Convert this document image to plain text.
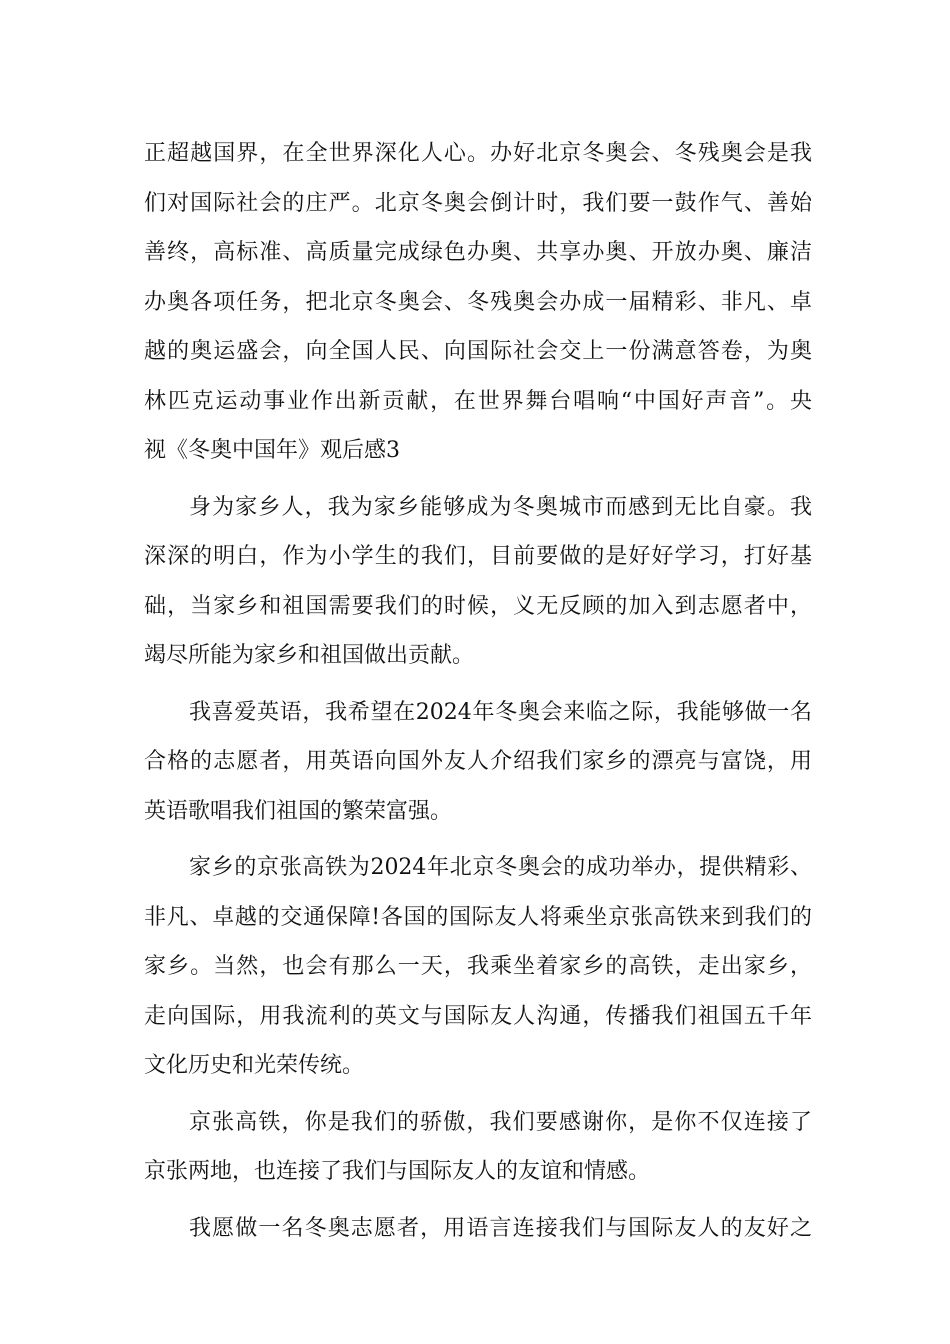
正超越国界，在全世界深化人心。办好北京冬奥会、冬残奥会是我
们对国际社会的庄严。北京冬奥会倒计时，我们要一鼓作气、善始
善终，高标准、高质量完成绿色办奥、共享办奥、开放办奥、廉洁
办奥各项任务，把北京冬奥会、冬残奥会办成一届精彩、非凡、卓
越的奥运盛会，向全国人民、向国际社会交上一份满意答卷，为奥
林匹克运动事业作出新贡献，在世界舞台唱响“中国好声音”。央
视《冬奥中国年》观后感3
身为家乡人，我为家乡能够成为冬奥城市而感到无比自豪。我
深深的明白，作为小学生的我们，目前要做的是好好学习，打好基
础，当家乡和祖国需要我们的时候，义无反顾的加入到志愿者中，
竭尽所能为家乡和祖国做出贡献。
我喜爱英语，我希望在2024年冬奥会来临之际，我能够做一名
合格的志愿者，用英语向国外友人介绍我们家乡的漂亮与富饶，用
英语歌唱我们祖国的繁荣富强。
家乡的京张高铁为2024年北京冬奥会的成功举办，提供精彩、
非凡、卓越的交通保障!各国的国际友人将乘坐京张高铁来到我们的
家乡。当然，也会有那么一天，我乘坐着家乡的高铁，走出家乡，
走向国际，用我流利的英文与国际友人沟通，传播我们祖国五千年
文化历史和光荣传统。
京张高铁，你是我们的骄傲，我们要感谢你，是你不仅连接了
京张两地，也连接了我们与国际友人的友谊和情感。
我愿做一名冬奥志愿者，用语言连接我们与国际友人的友好之
